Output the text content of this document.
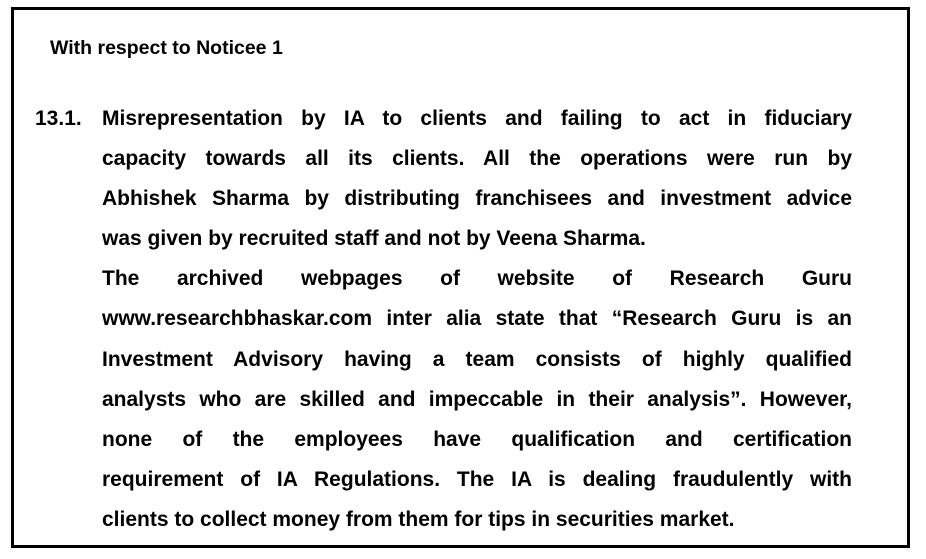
With respect to Noticee 1
13.1. Misrepresentation by IA to clients and failing to act in fiduciary
capacity towards all its clients. All the operations were run by
Abhishek Sharma by distributing franchisees and investment advice
was given by recruited staff and not by Veena Sharma.
The archived webpages of website of Research Guru
www.researchbhaskar.com inter alia state that “Research Guru is an
Investment Advisory having a team consists of highly qualified
analysts who are skilled and impeccable in their analysis”. However,
none of the employees have qualification and certification
requirement of IA Regulations. The IA is dealing fraudulently with
clients to collect money from them for tips in securities market.
